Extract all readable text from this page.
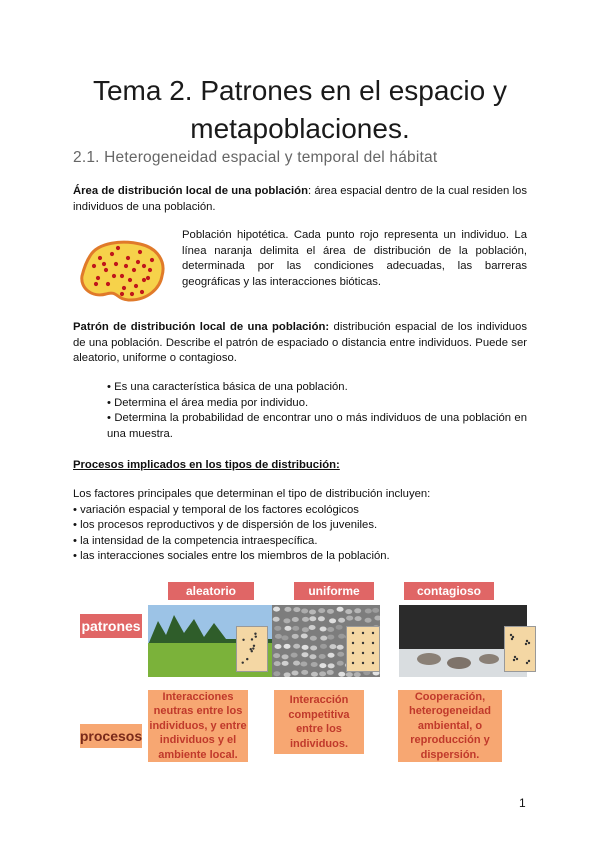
Tema 2. Patrones en el espacio y metapoblaciones.
2.1. Heterogeneidad espacial y temporal del hábitat
Área de distribución local de una población: área espacial dentro de la cual residen los individuos de una población.
Población hipotética. Cada punto rojo representa un individuo. La línea naranja delimita el área de distribución de la población, determinada por las condiciones adecuadas, las barreras geográficas y las interacciones bióticas.
Patrón de distribución local de una población: distribución espacial de los individuos de una población. Describe el patrón de espaciado o distancia entre individuos. Puede ser aleatorio, uniforme o contagioso.
• Es una característica básica de una población.
• Determina el área media por individuo.
• Determina la probabilidad de encontrar uno o más individuos de una población en una muestra.
Procesos implicados en los tipos de distribución:
Los factores principales que determinan el tipo de distribución incluyen:
• variación espacial y temporal de los factores ecológicos
• los procesos reproductivos y de dispersión de los juveniles.
• la intensidad de la competencia intraespecífica.
• las interacciones sociales entre los miembros de la población.
aleatorio	uniforme	contagioso
patrones
procesos
Interacciones neutras entre los individuos, y entre individuos y el ambiente local.
Interacción competitiva entre los individuos.
Cooperación, heterogeneidad ambiental, o reproducción y dispersión.
1
